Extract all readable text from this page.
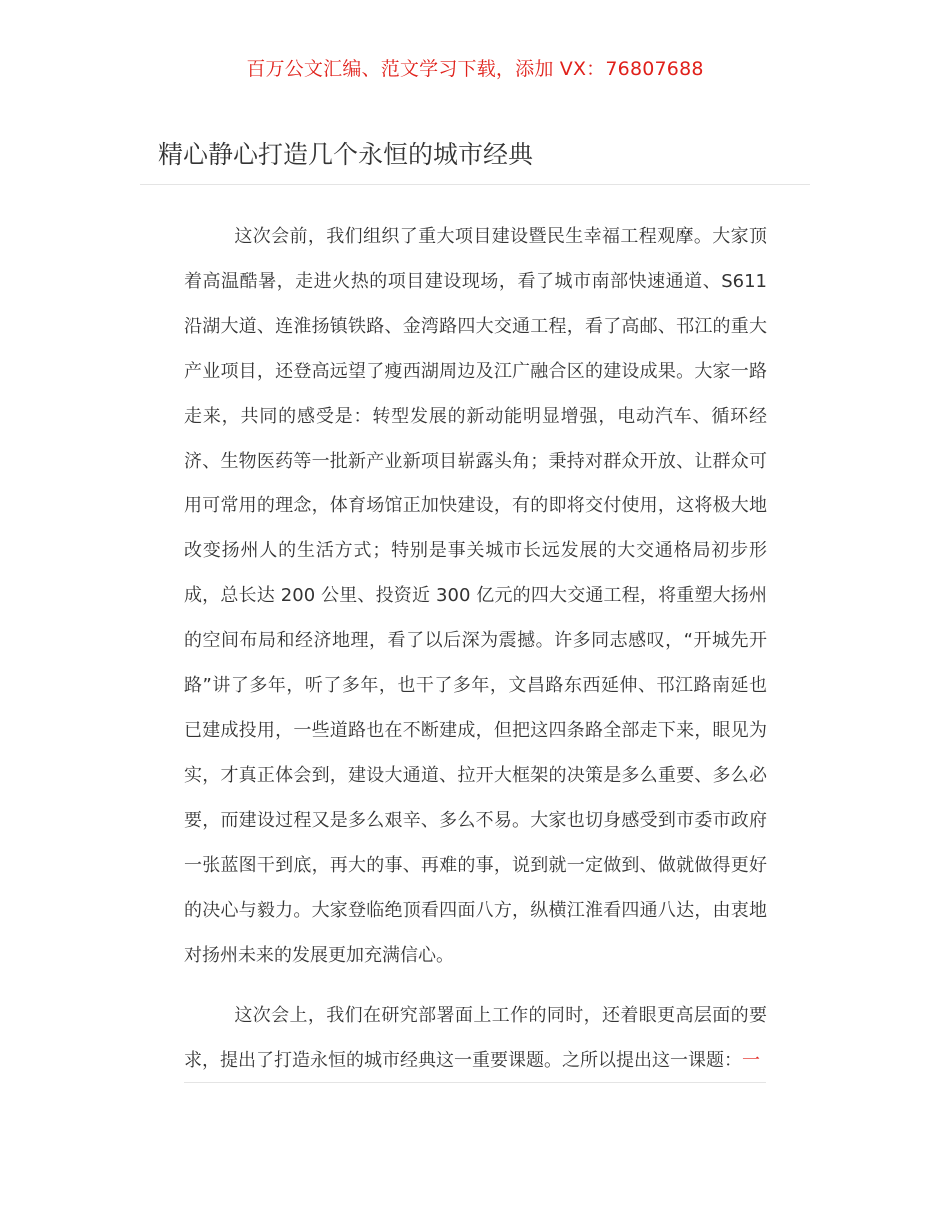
百万公文汇编、范文学习下载，添加 VX：76807688
精心静心打造几个永恒的城市经典

这次会前，我们组织了重大项目建设暨民生幸福工程观摩。大家顶着高温酷暑，走进火热的项目建设现场，看了城市南部快速通道、S611 沿湖大道、连淮扬镇铁路、金湾路四大交通工程，看了高邮、邗江的重大产业项目，还登高远望了瘦西湖周边及江广融合区的建设成果。大家一路走来，共同的感受是：转型发展的新动能明显增强，电动汽车、循环经济、生物医药等一批新产业新项目崭露头角；秉持对群众开放、让群众可用可常用的理念，体育场馆正加快建设，有的即将交付使用，这将极大地改变扬州人的生活方式；特别是事关城市长远发展的大交通格局初步形成，总长达 200 公里、投资近 300 亿元的四大交通工程，将重塑大扬州的空间布局和经济地理，看了以后深为震撼。许多同志感叹，“开城先开路”讲了多年，听了多年，也干了多年，文昌路东西延伸、邗江路南延也已建成投用，一些道路也在不断建成，但把这四条路全部走下来，眼见为实，才真正体会到，建设大通道、拉开大框架的决策是多么重要、多么必要，而建设过程又是多么艰辛、多么不易。大家也切身感受到市委市政府一张蓝图干到底，再大的事、再难的事，说到就一定做到、做就做得更好的决心与毅力。大家登临绝顶看四面八方，纵横江淮看四通八达，由衷地对扬州未来的发展更加充满信心。

这次会上，我们在研究部署面上工作的同时，还着眼更高层面的要求，提出了打造永恒的城市经典这一重要课题。之所以提出这一课题：一
